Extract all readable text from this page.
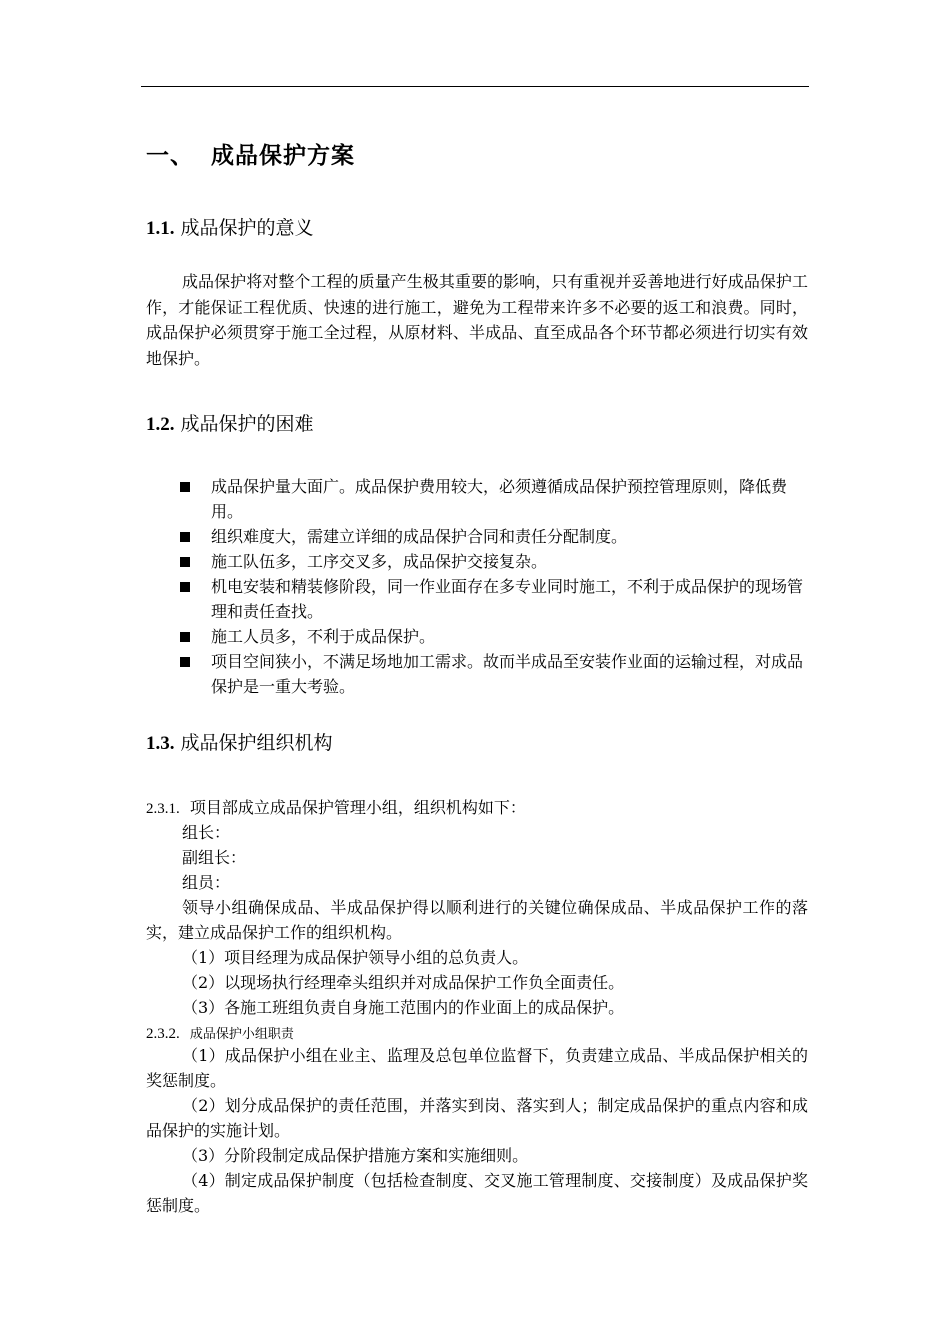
一、 成品保护方案
1.1. 成品保护的意义

成品保护将对整个工程的质量产生极其重要的影响，只有重视并妥善地进行好成品保护工作，才能保证工程优质、快速的进行施工，避免为工程带来许多不必要的返工和浪费。同时，成品保护必须贯穿于施工全过程，从原材料、半成品、直至成品各个环节都必须进行切实有效地保护。

1.2. 成品保护的困难
成品保护量大面广。成品保护费用较大，必须遵循成品保护预控管理原则，降低费用。
组织难度大，需建立详细的成品保护合同和责任分配制度。
施工队伍多，工序交叉多，成品保护交接复杂。
机电安装和精装修阶段，同一作业面存在多专业同时施工，不利于成品保护的现场管理和责任查找。
施工人员多，不利于成品保护。
项目空间狭小，不满足场地加工需求。故而半成品至安装作业面的运输过程，对成品保护是一重大考验。
1.3. 成品保护组织机构
2.3.1. 项目部成立成品保护管理小组，组织机构如下：
组长：
副组长：
组员：

领导小组确保成品、半成品保护得以顺利进行的关键位确保成品、半成品保护工作的落实，建立成品保护工作的组织机构。

（1）项目经理为成品保护领导小组的总负责人。
（2）以现场执行经理牵头组织并对成品保护工作负全面责任。
（3）各施工班组负责自身施工范围内的作业面上的成品保护。
2.3.2. 成品保护小组职责

（1）成品保护小组在业主、监理及总包单位监督下，负责建立成品、半成品保护相关的奖惩制度。

（2）划分成品保护的责任范围，并落实到岗、落实到人；制定成品保护的重点内容和成品保护的实施计划。

（3）分阶段制定成品保护措施方案和实施细则。

（4）制定成品保护制度（包括检查制度、交叉施工管理制度、交接制度）及成品保护奖惩制度。
